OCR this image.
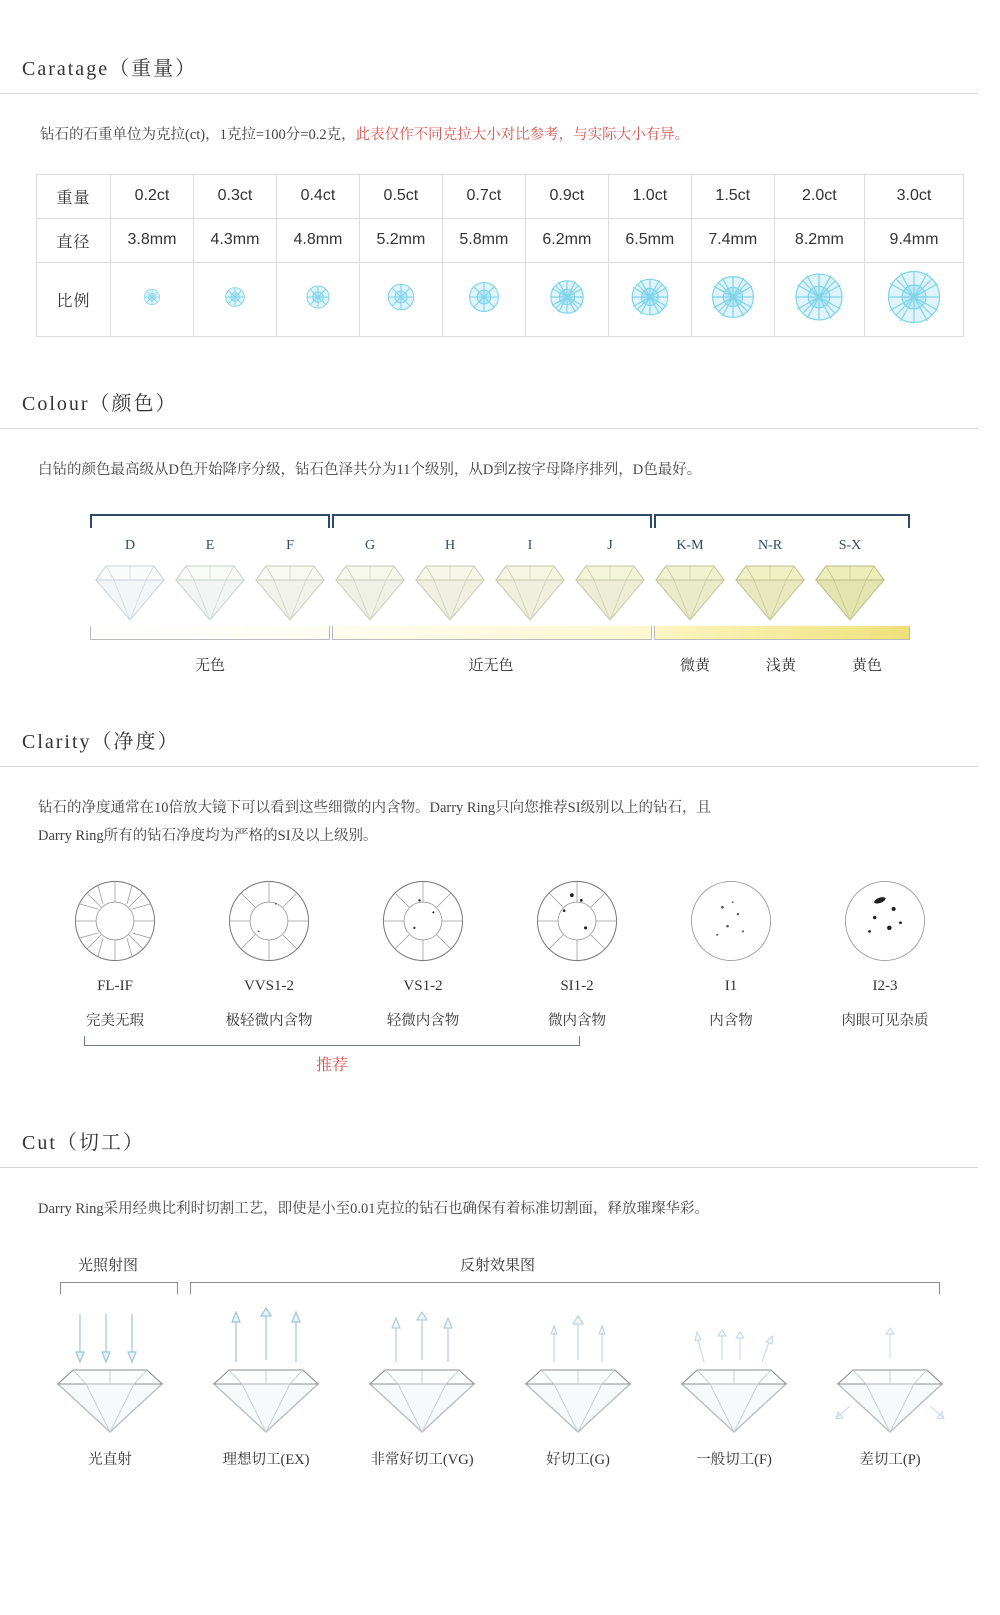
Caratage（重量）
钻石的石重单位为克拉(ct)，1克拉=100分=0.2克，此表仅作不同克拉大小对比参考，与实际大小有异。
重量	0.2ct	0.3ct	0.4ct	0.5ct	0.7ct	0.9ct	1.0ct	1.5ct	2.0ct	3.0ct
直径	3.8mm	4.3mm	4.8mm	5.2mm	5.8mm	6.2mm	6.5mm	7.4mm	8.2mm	9.4mm
比例										
Colour（颜色）
白钻的颜色最高级从D色开始降序分级，钻石色泽共分为11个级别，从D到Z按字母降序排列，D色最好。
D	E	F	G	H	I	J	K-M	N-R	S-X
无色	近无色	微黄	浅黄	黄色
Clarity（净度）
钻石的净度通常在10倍放大镜下可以看到这些细微的内含物。Darry Ring只向您推荐SI级别以上的钻石，且
Darry Ring所有的钻石净度均为严格的SI及以上级别。
FL-IF
完美无瑕
VVS1-2
极轻微内含物
VS1-2
轻微内含物
SI1-2
微内含物
I1
内含物
I2-3
肉眼可见杂质
推荐
Cut（切工）
Darry Ring采用经典比利时切割工艺，即使是小至0.01克拉的钻石也确保有着标准切割面，释放璀璨华彩。
光照射图	反射效果图
光直射	理想切工(EX)	非常好切工(VG)	好切工(G)	一般切工(F)	差切工(P)
